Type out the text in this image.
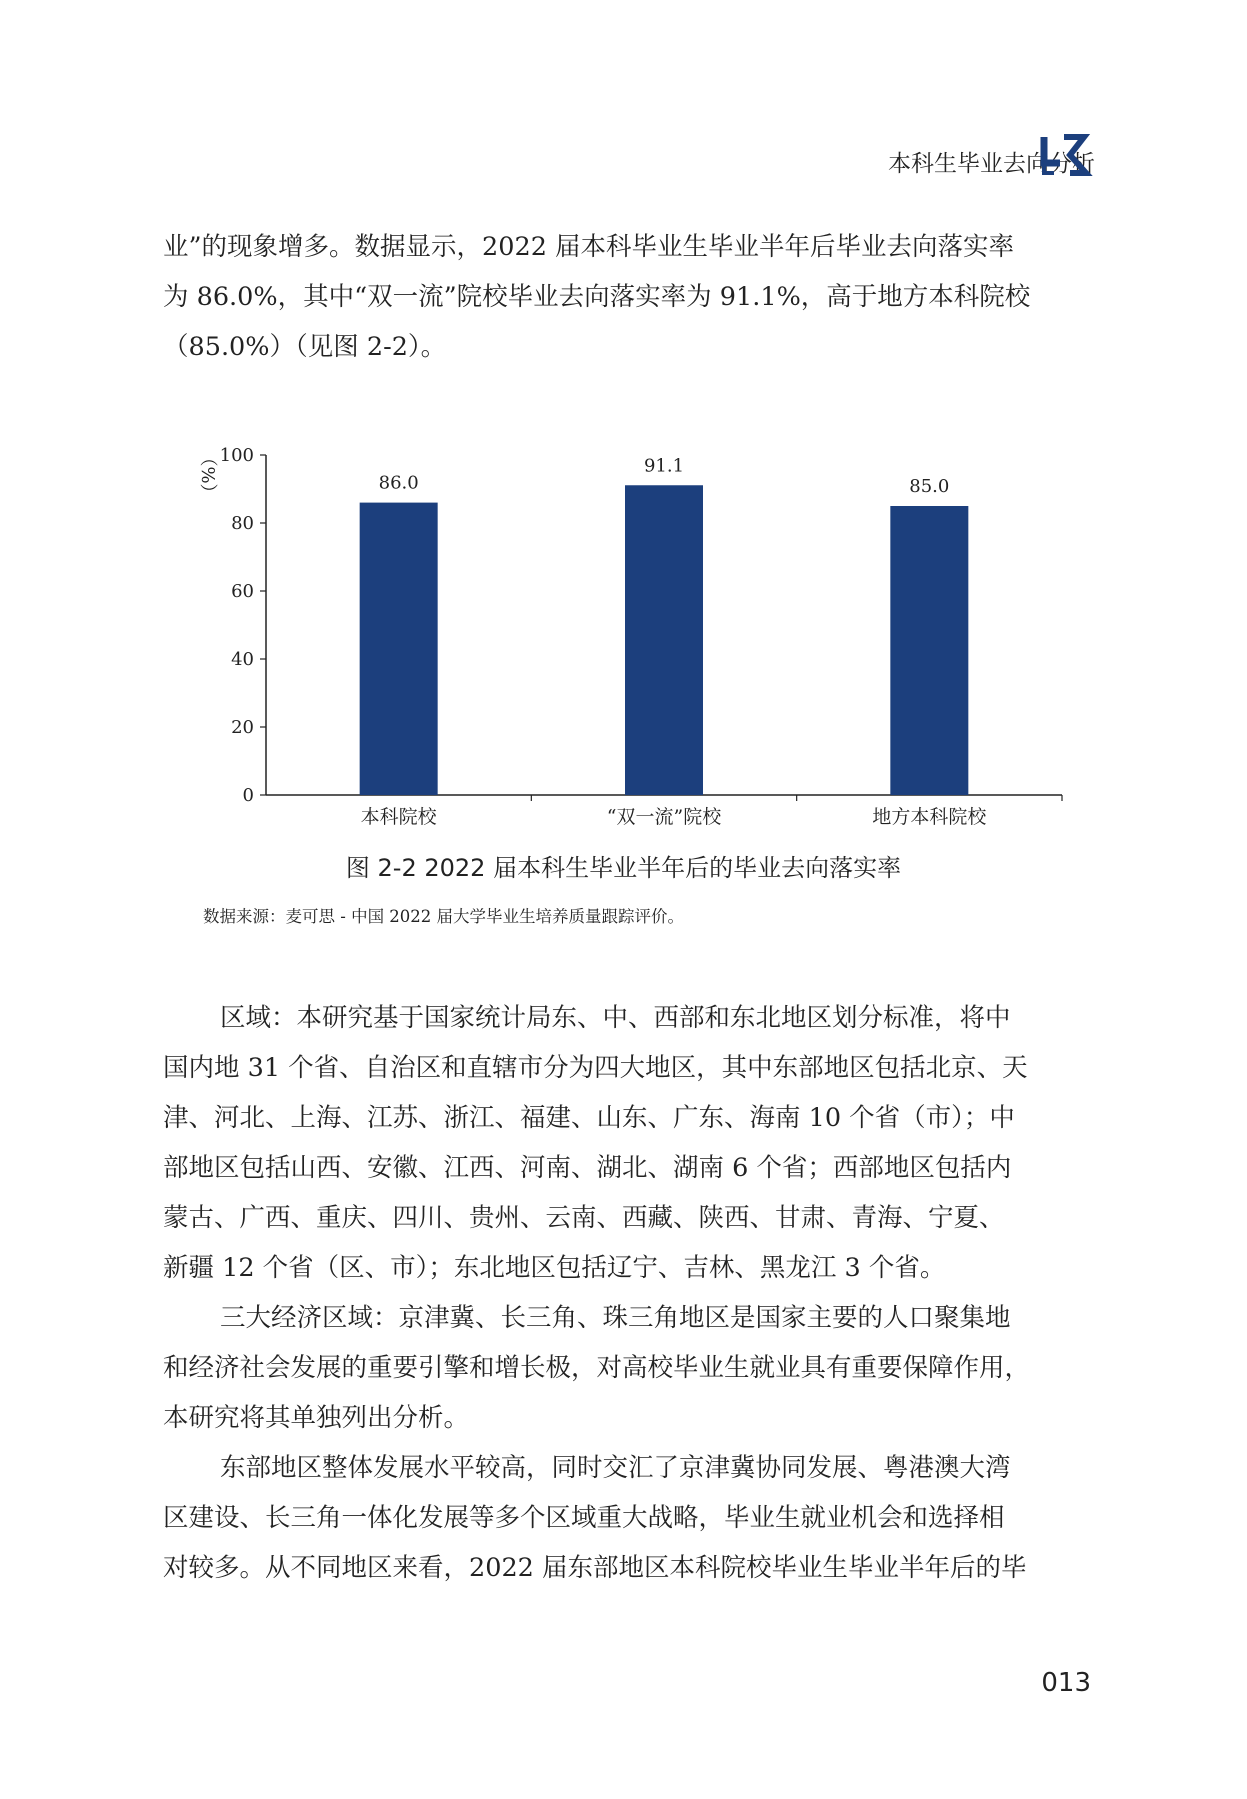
本科生毕业去向分析

业”的现象增多。数据显示，2022 届本科毕业生毕业半年后毕业去向落实率

为 86.0%，其中“双一流”院校毕业去向落实率为 91.1%，高于地方本科院校

（85.0%）（见图 2-2）。

0
20
40
60
80
100
（%）	86.0
本科院校
91.1
“双一流”院校
85.0
地方本科院校
图 2-2 2022 届本科生毕业半年后的毕业去向落实率
数据来源：麦可思 - 中国 2022 届大学毕业生培养质量跟踪评价。

区域：本研究基于国家统计局东、中、西部和东北地区划分标准，将中

国内地 31 个省、自治区和直辖市分为四大地区，其中东部地区包括北京、天

津、河北、上海、江苏、浙江、福建、山东、广东、海南 10 个省（市）；中

部地区包括山西、安徽、江西、河南、湖北、湖南 6 个省；西部地区包括内

蒙古、广西、重庆、四川、贵州、云南、西藏、陕西、甘肃、青海、宁夏、

新疆 12 个省（区、市）；东北地区包括辽宁、吉林、黑龙江 3 个省。

三大经济区域：京津冀、长三角、珠三角地区是国家主要的人口聚集地

和经济社会发展的重要引擎和增长极，对高校毕业生就业具有重要保障作用，

本研究将其单独列出分析。

东部地区整体发展水平较高，同时交汇了京津冀协同发展、粤港澳大湾

区建设、长三角一体化发展等多个区域重大战略，毕业生就业机会和选择相

对较多。从不同地区来看，2022 届东部地区本科院校毕业生毕业半年后的毕

013
